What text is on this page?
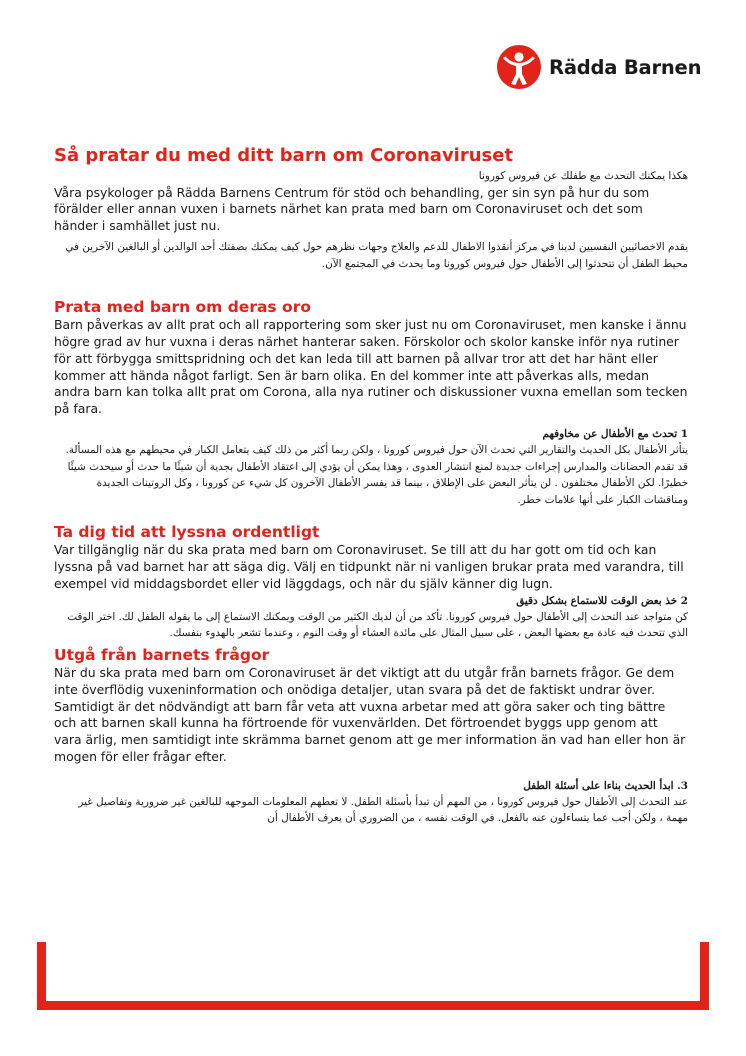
Rädda Barnen
Så pratar du med ditt barn om Coronaviruset

هكذا يمكنك التحدث مع طفلك عن فيروس كورونا

Våra psykologer på Rädda Barnens Centrum för stöd och behandling, ger sin syn på hur du som förälder eller annan vuxen i barnets närhet kan prata med barn om Coronaviruset och det som händer i samhället just nu.

يقدم الاخصائيين النفسيين لدينا في مركز أنقذوا الاطفال للدعم والعلاج وجهات نظرهم حول كيف يمكنك بصفتك أحد الوالدين أو البالغين الآخرين في محيط الطفل أن تتحدثوا إلى الأطفال حول فيروس كورونا وما يحدث في المجتمع الآن.

Prata med barn om deras oro

Barn påverkas av allt prat och all rapportering som sker just nu om Coronaviruset, men kanske i ännu högre grad av hur vuxna i deras närhet hanterar saken. Förskolor och skolor kanske inför nya rutiner för att förbygga smittspridning och det kan leda till att barnen på allvar tror att det har hänt eller kommer att hända något farligt. Sen är barn olika. En del kommer inte att påverkas alls, medan andra barn kan tolka allt prat om Corona, alla nya rutiner och diskussioner vuxna emellan som tecken på fara.

1 تحدث مع الأطفال عن مخاوفهم

يتأثر الأطفال بكل الحديث والتقارير التي تحدث الآن حول فيروس كورونا ، ولكن ربما أكثر من ذلك كيف يتعامل الكبار في محيطهم مع هذه المسألة. قد تقدم الحضانات والمدارس إجراءات جديدة لمنع انتشار العدوى ، وهذا يمكن أن يؤدي إلى اعتقاد الأطفال بجدية أن شيئًا ما حدث أو سيحدث شيئًا خطيرًا. لكن الأطفال مختلفون . لن يتأثر البعض على الإطلاق ، بينما قد يفسر الأطفال الآخرون كل شيء عن كورونا ، وكل الروتينات الجديدة ومناقشات الكبار على أنها علامات خطر.

Ta dig tid att lyssna ordentligt

Var tillgänglig när du ska prata med barn om Coronaviruset. Se till att du har gott om tid och kan lyssna på vad barnet har att säga dig. Välj en tidpunkt när ni vanligen brukar prata med varandra, till exempel vid middagsbordet eller vid läggdags, och när du själv känner dig lugn.

2 خذ بعض الوقت للاستماع بشكل دقيق

كن متواجد عند التحدث إلى الأطفال حول فيروس كورونا. تأكد من أن لديك الكثير من الوقت ويمكنك الاستماع إلى ما يقوله الطفل لك. اختر الوقت الذي تتحدث فيه عادة مع بعضها البعض ، على سبيل المثال على مائدة العشاء أو وقت النوم ، وعندما تشعر بالهدوء بنفسك.

Utgå från barnets frågor

När du ska prata med barn om Coronaviruset är det viktigt att du utgår från barnets frågor. Ge dem inte överflödig vuxeninformation och onödiga detaljer, utan svara på det de faktiskt undrar över. Samtidigt är det nödvändigt att barn får veta att vuxna arbetar med att göra saker och ting bättre och att barnen skall kunna ha förtroende för vuxenvärlden. Det förtroendet byggs upp genom att vara ärlig, men samtidigt inte skrämma barnet genom att ge mer information än vad han eller hon är mogen för eller frågar efter.

3. ابدأ الحديث بناءا على أسئلة الطفل

عند التحدث إلى الأطفال حول فيروس كورونا ، من المهم أن تبدأ بأسئلة الطفل. لا تعطهم المعلومات الموجهه للبالغين غير ضرورية وتفاصيل غير مهمة ، ولكن أجب عما يتساءلون عنه بالفعل. في الوقت نفسه ، من الضروري أن يعرف الأطفال أن
